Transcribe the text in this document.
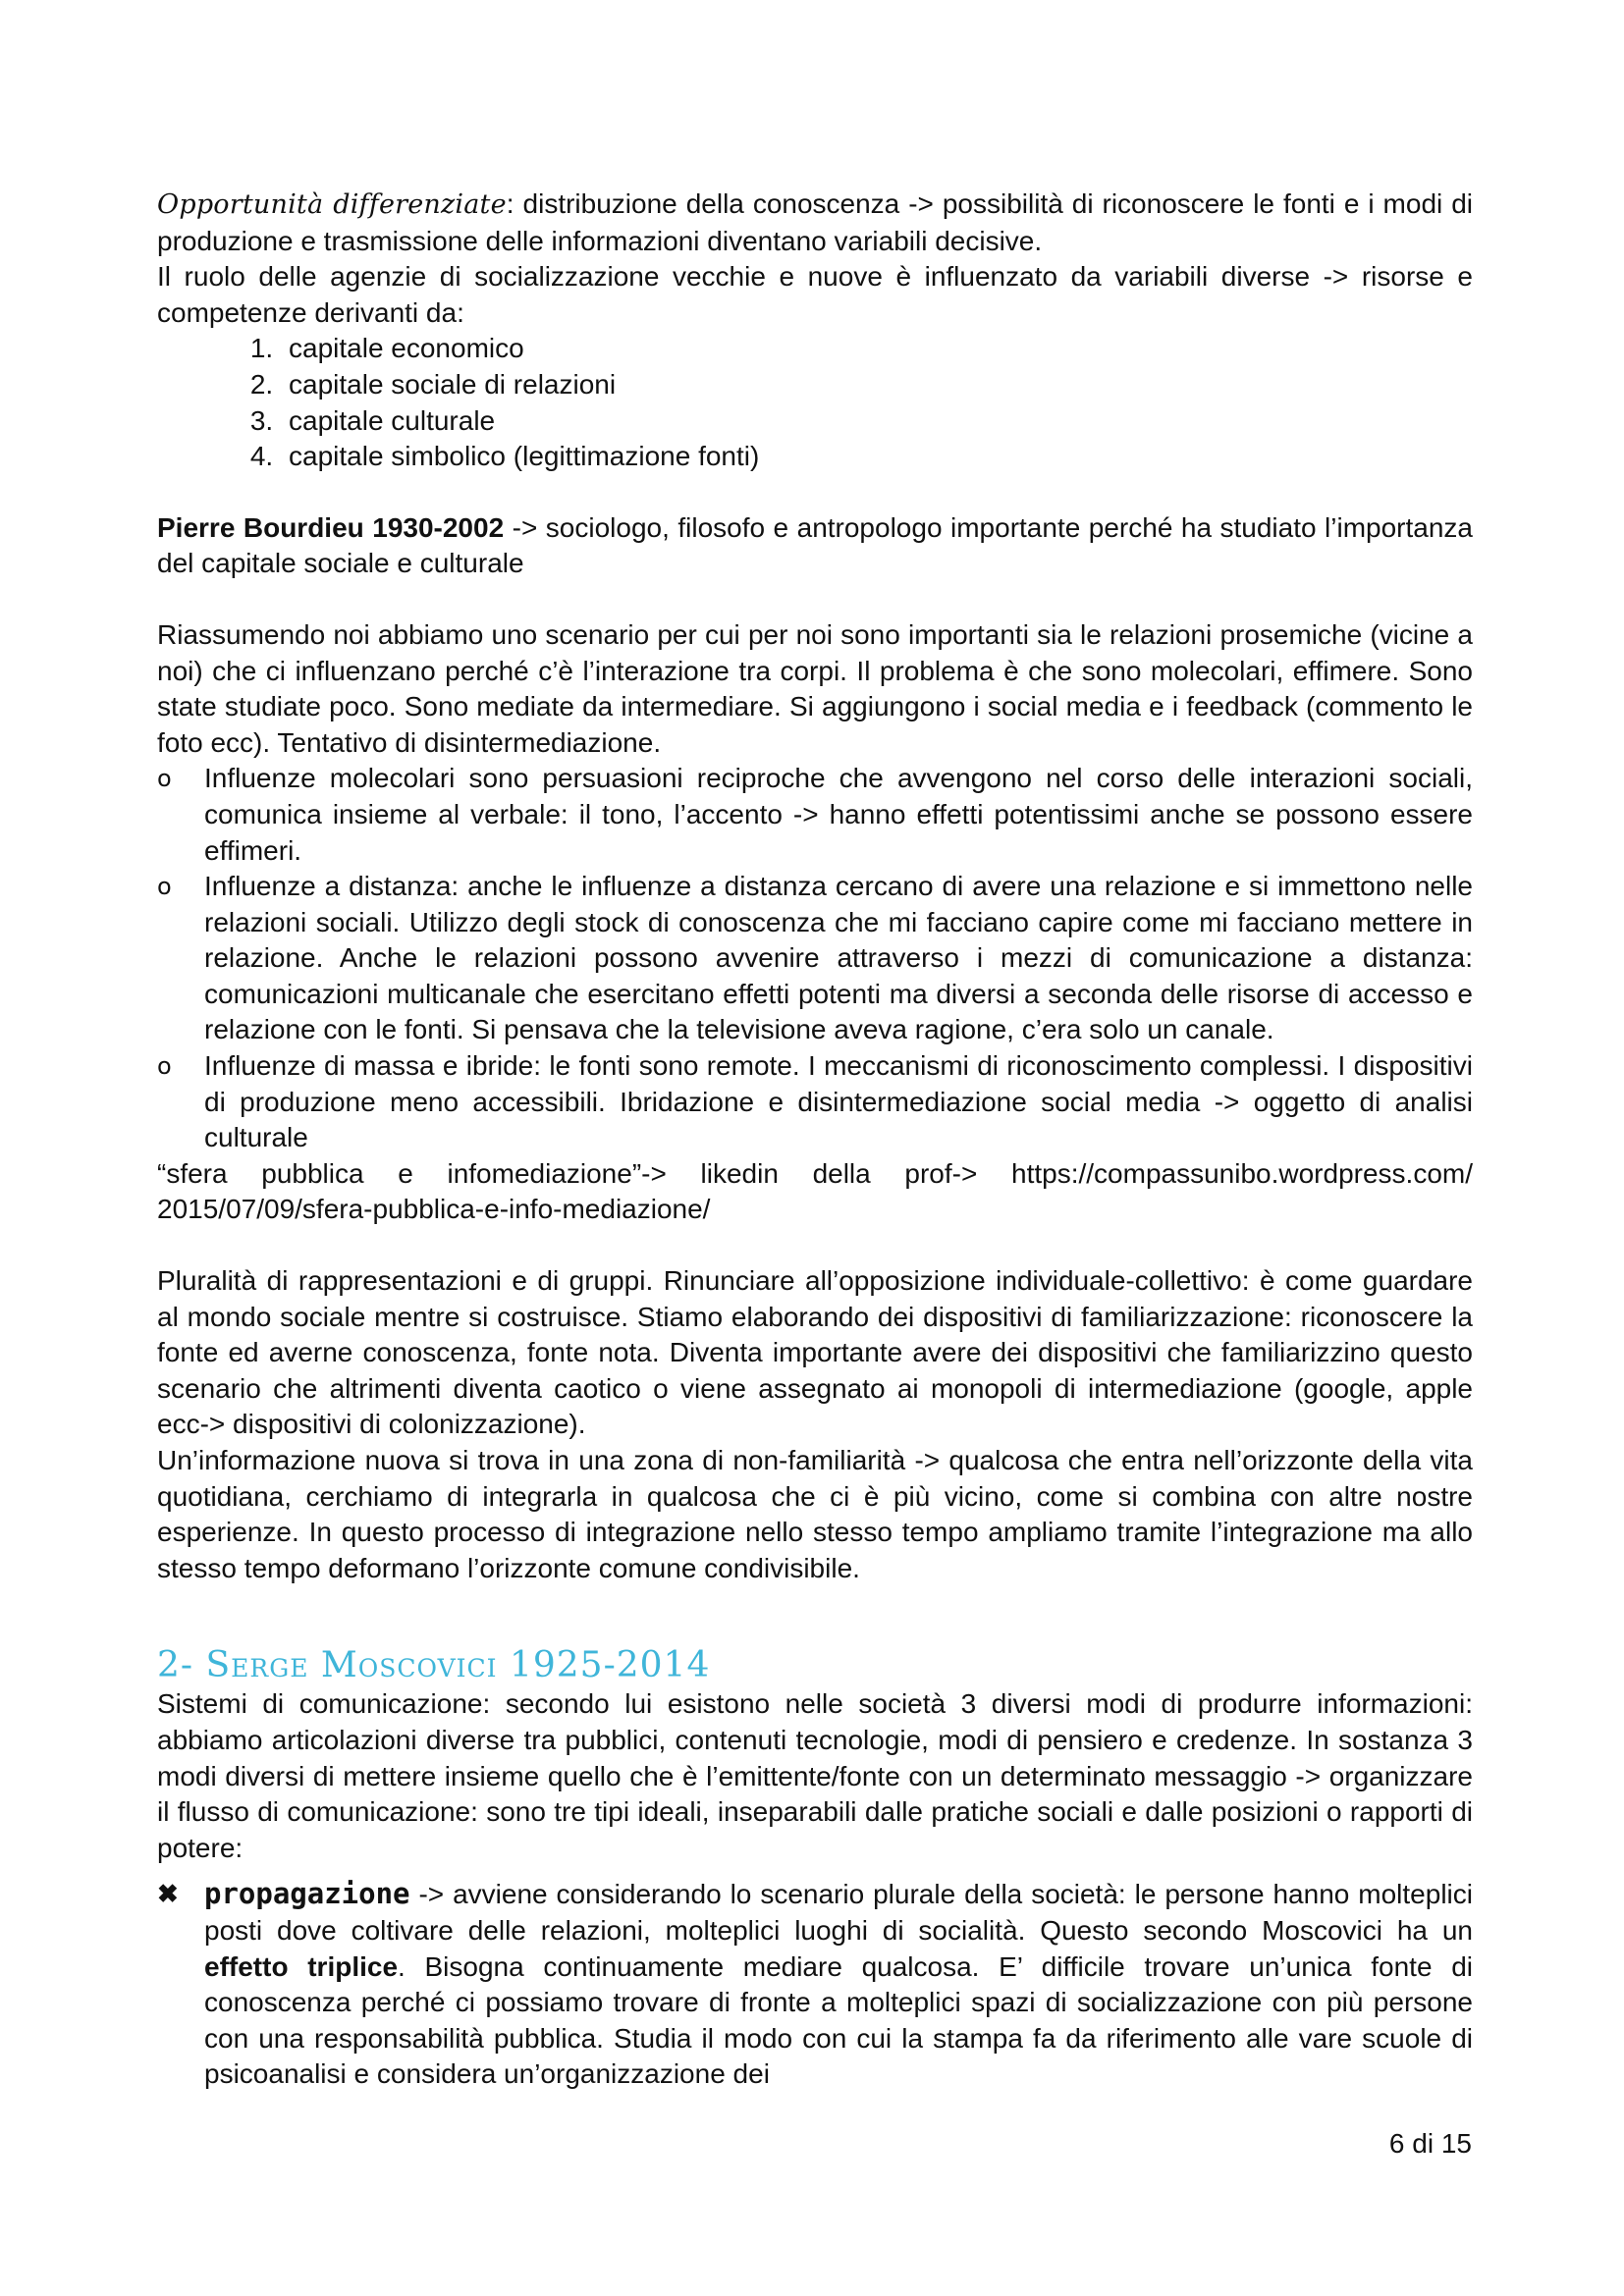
Opportunità differenziate: distribuzione della conoscenza -> possibilità di riconoscere le fonti e i modi di produzione e trasmissione delle informazioni diventano variabili decisive.

Il ruolo delle agenzie di socializzazione vecchie e nuove è influenzato da variabili diverse -> risorse e competenze derivanti da:

1. capitale economico
2. capitale sociale di relazioni
3. capitale culturale
4. capitale simbolico (legittimazione fonti)

Pierre Bourdieu 1930-2002 -> sociologo, filosofo e antropologo importante perché ha studiato l’importanza del capitale sociale e culturale

Riassumendo noi abbiamo uno scenario per cui per noi sono importanti sia le relazioni prosemiche (vicine a noi) che ci influenzano perché c’è l’interazione tra corpi. Il problema è che sono molecolari, effimere. Sono state studiate poco. Sono mediate da intermediare. Si aggiungono i social media e i feedback (commento le foto ecc). Tentativo di disintermediazione.

o Influenze molecolari sono persuasioni reciproche che avvengono nel corso delle interazioni sociali, comunica insieme al verbale: il tono, l’accento -> hanno effetti potentissimi anche se possono essere effimeri.
o Influenze a distanza: anche le influenze a distanza cercano di avere una relazione e si immettono nelle relazioni sociali. Utilizzo degli stock di conoscenza che mi facciano capire come mi facciano mettere in relazione. Anche le relazioni possono avvenire attraverso i mezzi di comunicazione a distanza: comunicazioni multicanale che esercitano effetti potenti ma diversi a seconda delle risorse di accesso e relazione con le fonti. Si pensava che la televisione aveva ragione, c’era solo un canale.
o Influenze di massa e ibride: le fonti sono remote. I meccanismi di riconoscimento complessi. I dispositivi di produzione meno accessibili. Ibridazione e disintermediazione social media -> oggetto di analisi culturale

“sfera pubblica e infomediazione”-> likedin della prof-> https://compassunibo.wordpress.com/ 2015/07/09/sfera-pubblica-e-info-mediazione/

Pluralità di rappresentazioni e di gruppi. Rinunciare all’opposizione individuale-collettivo: è come guardare al mondo sociale mentre si costruisce. Stiamo elaborando dei dispositivi di familiarizzazione: riconoscere la fonte ed averne conoscenza, fonte nota. Diventa importante avere dei dispositivi che familiarizzino questo scenario che altrimenti diventa caotico o viene assegnato ai monopoli di intermediazione (google, apple ecc-> dispositivi di colonizzazione).

Un’informazione nuova si trova in una zona di non-familiarità -> qualcosa che entra nell’orizzonte della vita quotidiana, cerchiamo di integrarla in qualcosa che ci è più vicino, come si combina con altre nostre esperienze. In questo processo di integrazione nello stesso tempo ampliamo tramite l’integrazione ma allo stesso tempo deformano l’orizzonte comune condivisibile.

2- Serge Moscovici 1925-2014

Sistemi di comunicazione: secondo lui esistono nelle società 3 diversi modi di produrre informazioni: abbiamo articolazioni diverse tra pubblici, contenuti tecnologie, modi di pensiero e credenze. In sostanza 3 modi diversi di mettere insieme quello che è l’emittente/fonte con un determinato messaggio -> organizzare il flusso di comunicazione: sono tre tipi ideali, inseparabili dalle pratiche sociali e dalle posizioni o rapporti di potere:

✖ propagazione -> avviene considerando lo scenario plurale della società: le persone hanno molteplici posti dove coltivare delle relazioni, molteplici luoghi di socialità. Questo secondo Moscovici ha un effetto triplice. Bisogna continuamente mediare qualcosa. E’ difficile trovare un’unica fonte di conoscenza perché ci possiamo trovare di fronte a molteplici spazi di socializzazione con più persone con una responsabilità pubblica. Studia il modo con cui la stampa fa da riferimento alle vare scuole di psicoanalisi e considera un’organizzazione dei
6 di 15
